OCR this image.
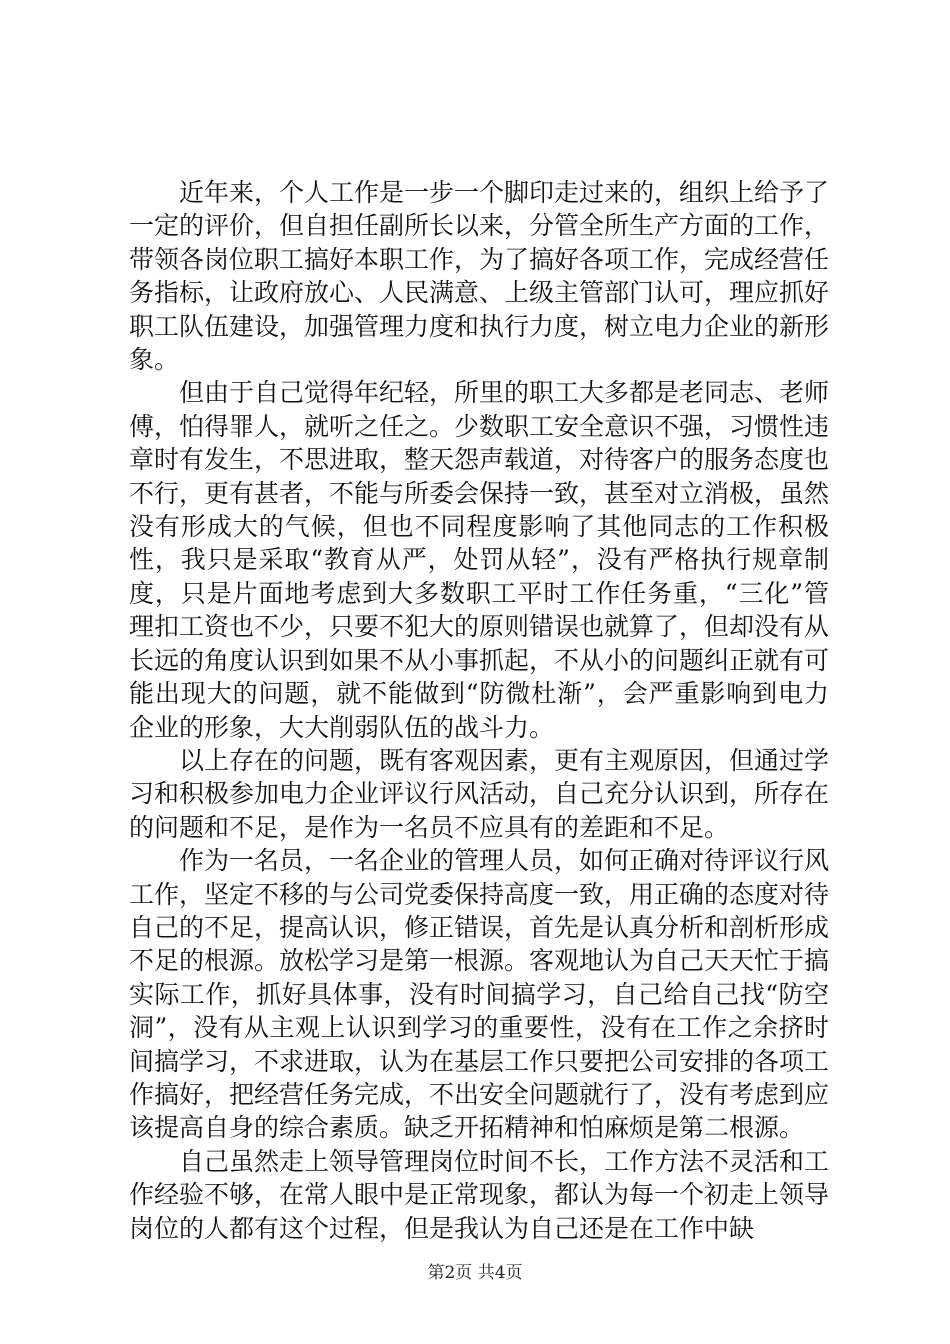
近年来，个人工作是一步一个脚印走过来的，组织上给予了一定的评价，但自担任副所长以来，分管全所生产方面的工作，带领各岗位职工搞好本职工作，为了搞好各项工作，完成经营任务指标，让政府放心、人民满意、上级主管部门认可，理应抓好职工队伍建设，加强管理力度和执行力度，树立电力企业的新形象。

但由于自己觉得年纪轻，所里的职工大多都是老同志、老师傅，怕得罪人，就听之任之。少数职工安全意识不强，习惯性违章时有发生，不思进取，整天怨声载道，对待客户的服务态度也不行，更有甚者，不能与所委会保持一致，甚至对立消极，虽然没有形成大的气候，但也不同程度影响了其他同志的工作积极性，我只是采取“教育从严，处罚从轻”，没有严格执行规章制度，只是片面地考虑到大多数职工平时工作任务重，“三化”管理扣工资也不少，只要不犯大的原则错误也就算了，但却没有从长远的角度认识到如果不从小事抓起，不从小的问题纠正就有可能出现大的问题，就不能做到“防微杜渐”，会严重影响到电力企业的形象，大大削弱队伍的战斗力。

以上存在的问题，既有客观因素，更有主观原因，但通过学习和积极参加电力企业评议行风活动，自己充分认识到，所存在的问题和不足，是作为一名员不应具有的差距和不足。

作为一名员，一名企业的管理人员，如何正确对待评议行风工作，坚定不移的与公司党委保持高度一致，用正确的态度对待自己的不足，提高认识，修正错误，首先是认真分析和剖析形成不足的根源。放松学习是第一根源。客观地认为自己天天忙于搞实际工作，抓好具体事，没有时间搞学习，自己给自己找“防空洞”，没有从主观上认识到学习的重要性，没有在工作之余挤时间搞学习，不求进取，认为在基层工作只要把公司安排的各项工作搞好，把经营任务完成，不出安全问题就行了，没有考虑到应该提高自身的综合素质。缺乏开拓精神和怕麻烦是第二根源。

自己虽然走上领导管理岗位时间不长，工作方法不灵活和工作经验不够，在常人眼中是正常现象，都认为每一个初走上领导岗位的人都有这个过程，但是我认为自己还是在工作中缺

第2页 共4页
